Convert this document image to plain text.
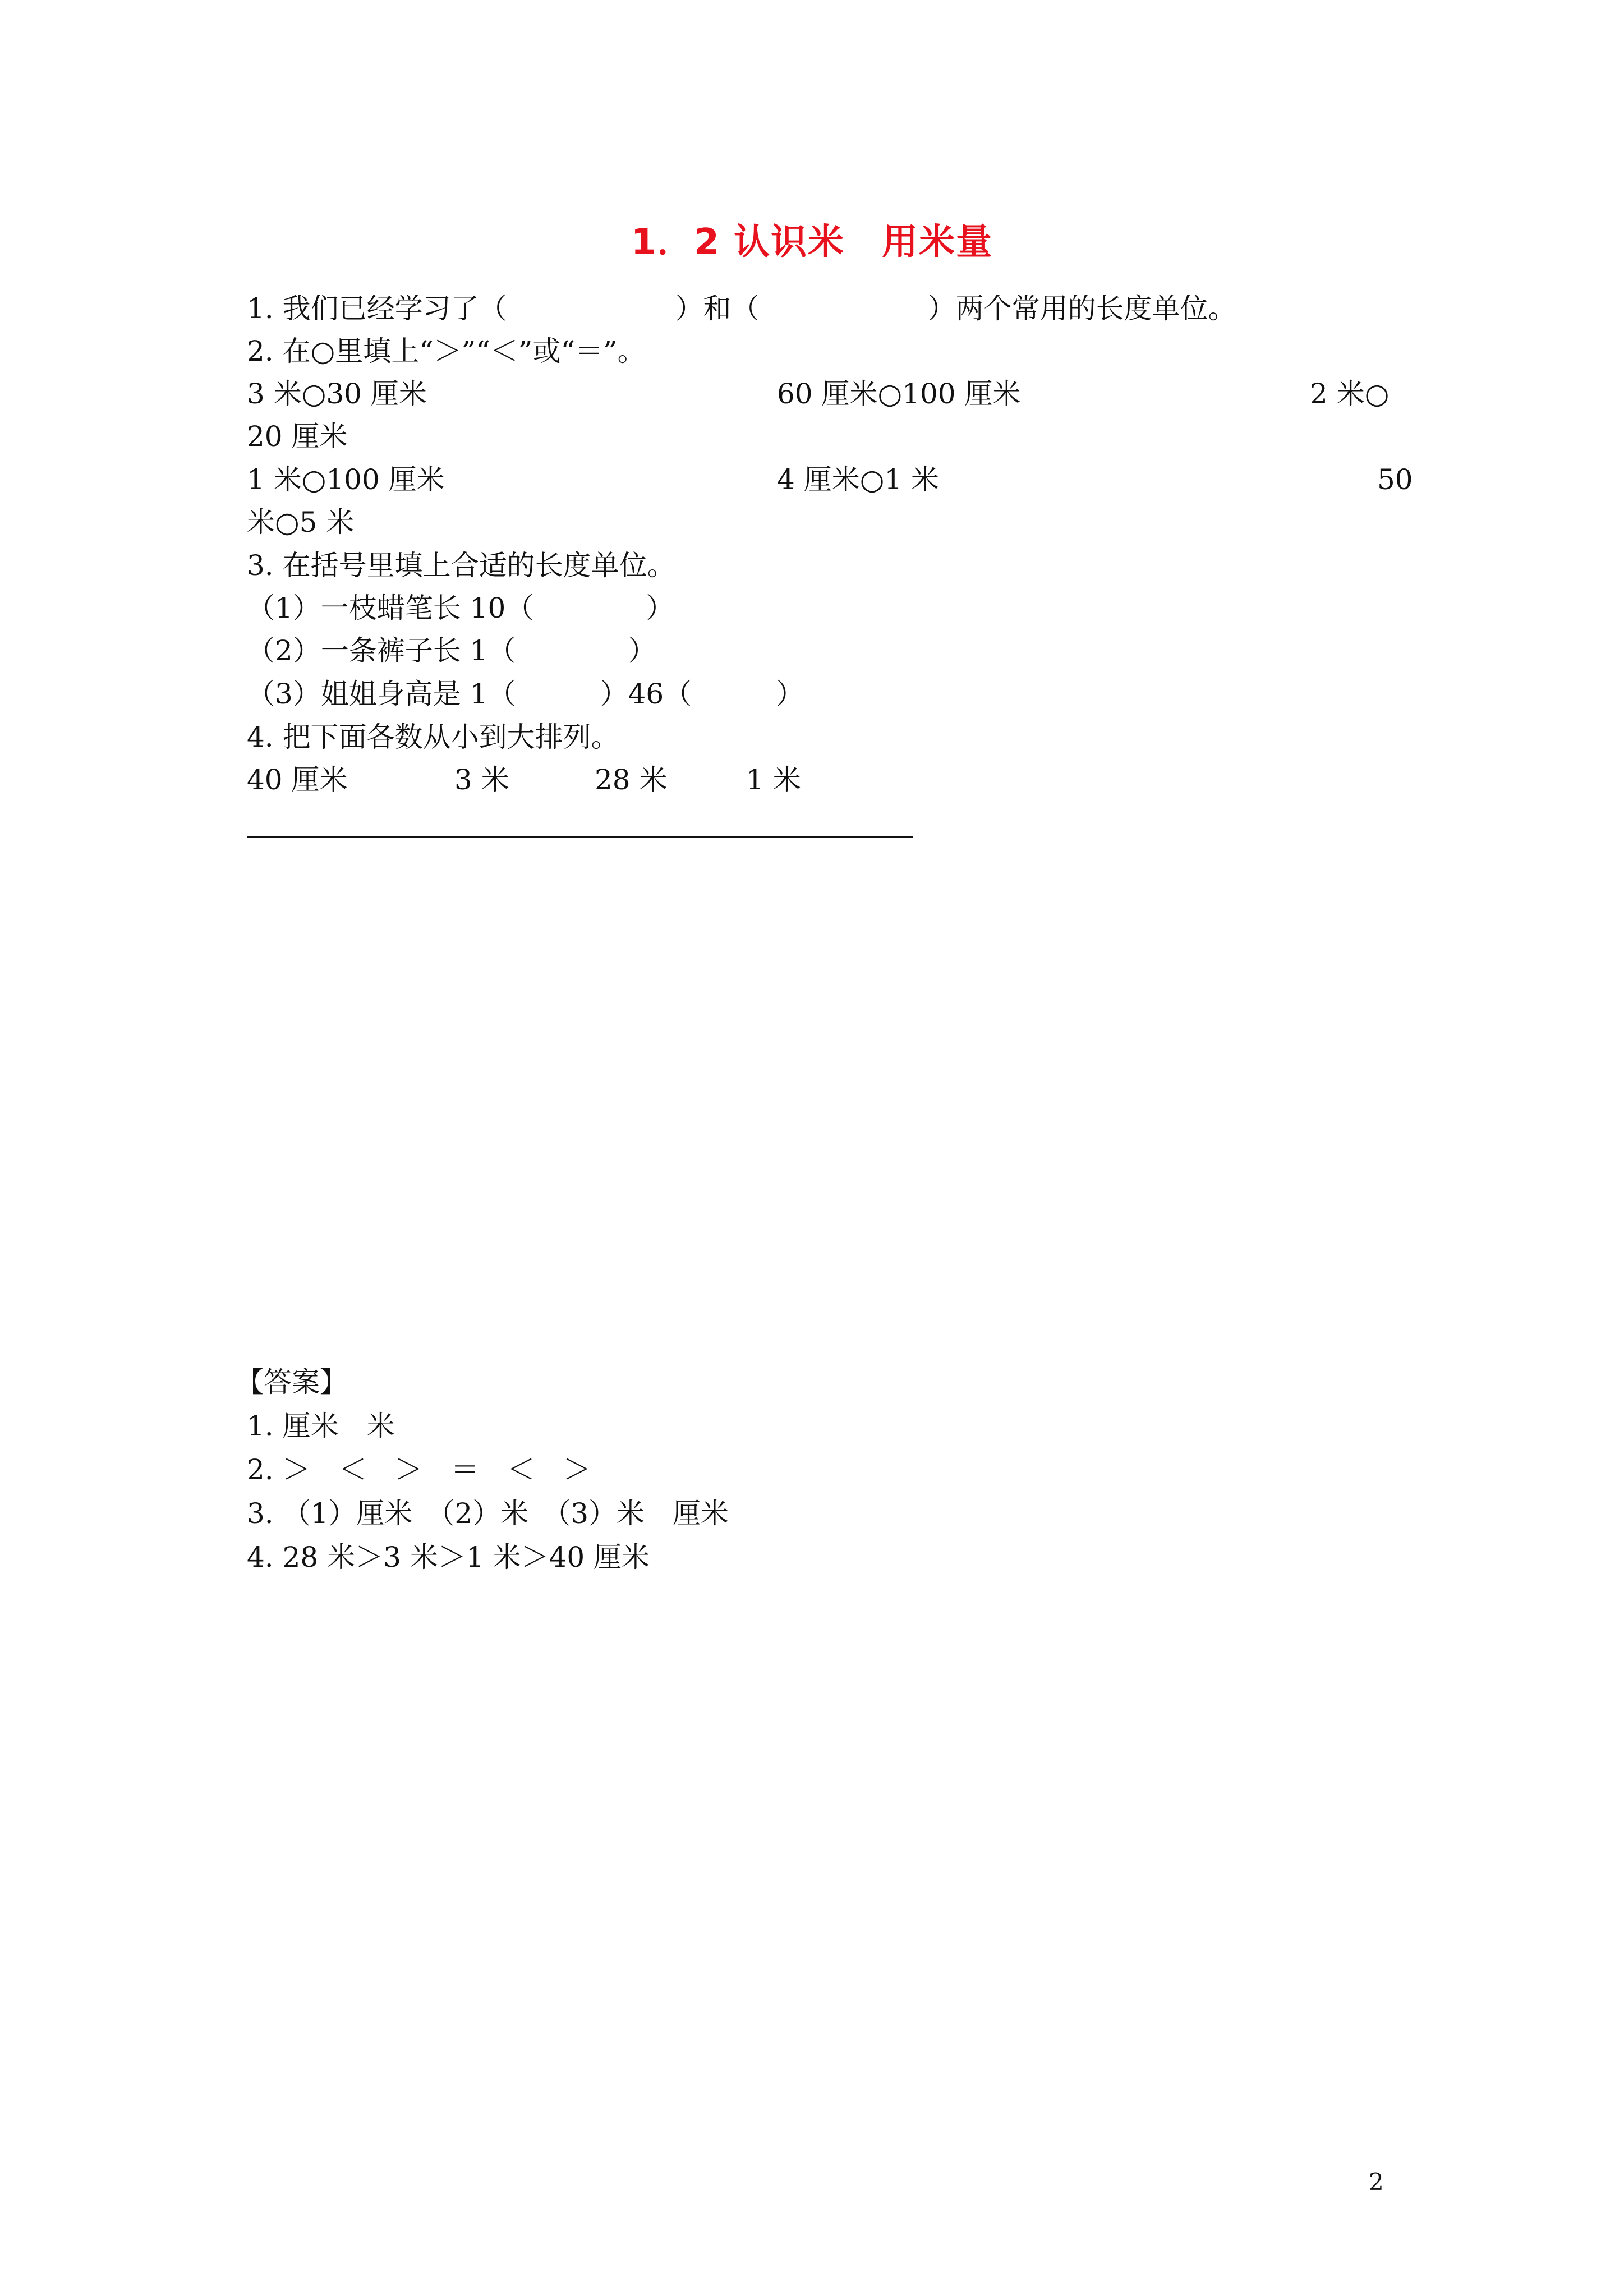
1．2 认识米　用米量
1. 我们已经学习了（　　　　　　）和（　　　　　　）两个常用的长度单位。
2. 在○里填上“＞”“＜”或“＝”。
3 米○30 厘米	60 厘米○100 厘米	2 米○
20 厘米
1 米○100 厘米	4 厘米○1 米	50
米○5 米
3. 在括号里填上合适的长度单位。
（1）一枝蜡笔长 10（　　　　）
（2）一条裤子长 1（　　　　）
（3）姐姐身高是 1（　　　）46（　　　）
4. 把下面各数从小到大排列。
40 厘米	3 米	28 米	1 米
【答案】
1. 厘米　米
2. ＞　＜　＞　＝　＜　＞
3. （1）厘米　（2）米　（3）米　厘米
4. 28 米＞3 米＞1 米＞40 厘米
2
